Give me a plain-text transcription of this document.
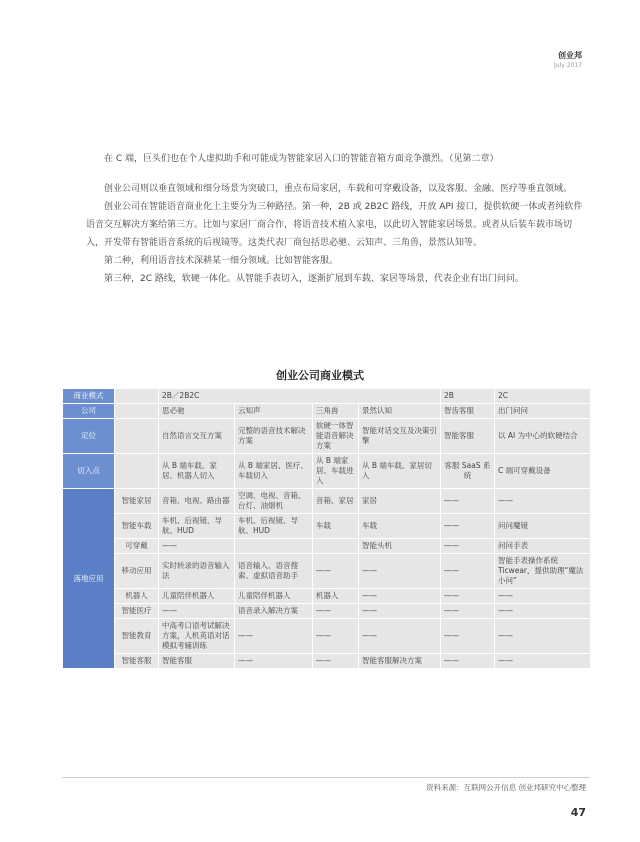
创业邦
July 2017

在 C 端，巨头们也在个人虚拟助手和可能成为智能家居入口的智能音箱方面竞争激烈。（见第二章）

创业公司则以垂直领域和细分场景为突破口，重点布局家居，车载和可穿戴设备，以及客服、金融、医疗等垂直领域。

创业公司在智能语音商业化上主要分为三种路径。第一种，2B 或 2B2C 路线，开放 API 接口，提供软硬一体或者纯软件语音交互解决方案给第三方。比如与家居厂商合作，将语音技术植入家电，以此切入智能家居场景。或者从后装车载市场切入，开发带有智能语音系统的后视镜等。这类代表厂商包括思必驰、云知声、三角兽，景然认知等。

第二种，利用语音技术深耕某一细分领域。比如智能客服。

第三种，2C 路线，软硬一体化。从智能手表切入，逐渐扩展到车载、家居等场景，代表企业有出门问问。

创业公司商业模式
商业模式		2B／2B2C				2B	2C
公司		思必驰	云知声	三角兽	景然认知	智齿客服	出门问问
定位		自然语言交互方案	完整的语音技术解决方案	软硬一体智能语音解决方案	智能对话交互及决策引擎	智能客服	以 AI 为中心的软硬结合
切入点		从 B 端车载、家居、机器人切入	从 B 端家居、医疗、车载切入	从 B 端家居、车载进入	从 B 端车载、家居切入	客服 SaaS 系统	C 端可穿戴设备
落地应用	智能家居	音箱、电视、路由器	空调、电视、音箱、台灯、油烟机	音箱、家居	家居	——	——
	智能车载	车机、后视镜、导航、HUD	车机、后视镜、导航、HUD	车载	车载	——	问问魔镜
	可穿戴	——			智能头机	——	问问手表
	移动应用	实时转录的语音输入法	语音输入、语音搜索、虚拟语音助手	——	——	——	智能手表操作系统 Ticwear，提供助理“魔法小问”
	机器人	儿童陪伴机器人	儿童陪伴机器人	机器人	——	——	——
	智能医疗	——	语音录入解决方案	——	——	——	——
	智能教育	中高考口语考试解决方案，人机英语对话模拟考辅训练	——	——	——	——	——
	智能客服	智能客服	——	——	智能客服解决方案	——	——
资料来源：互联网公开信息 创业邦研究中心整理
47
